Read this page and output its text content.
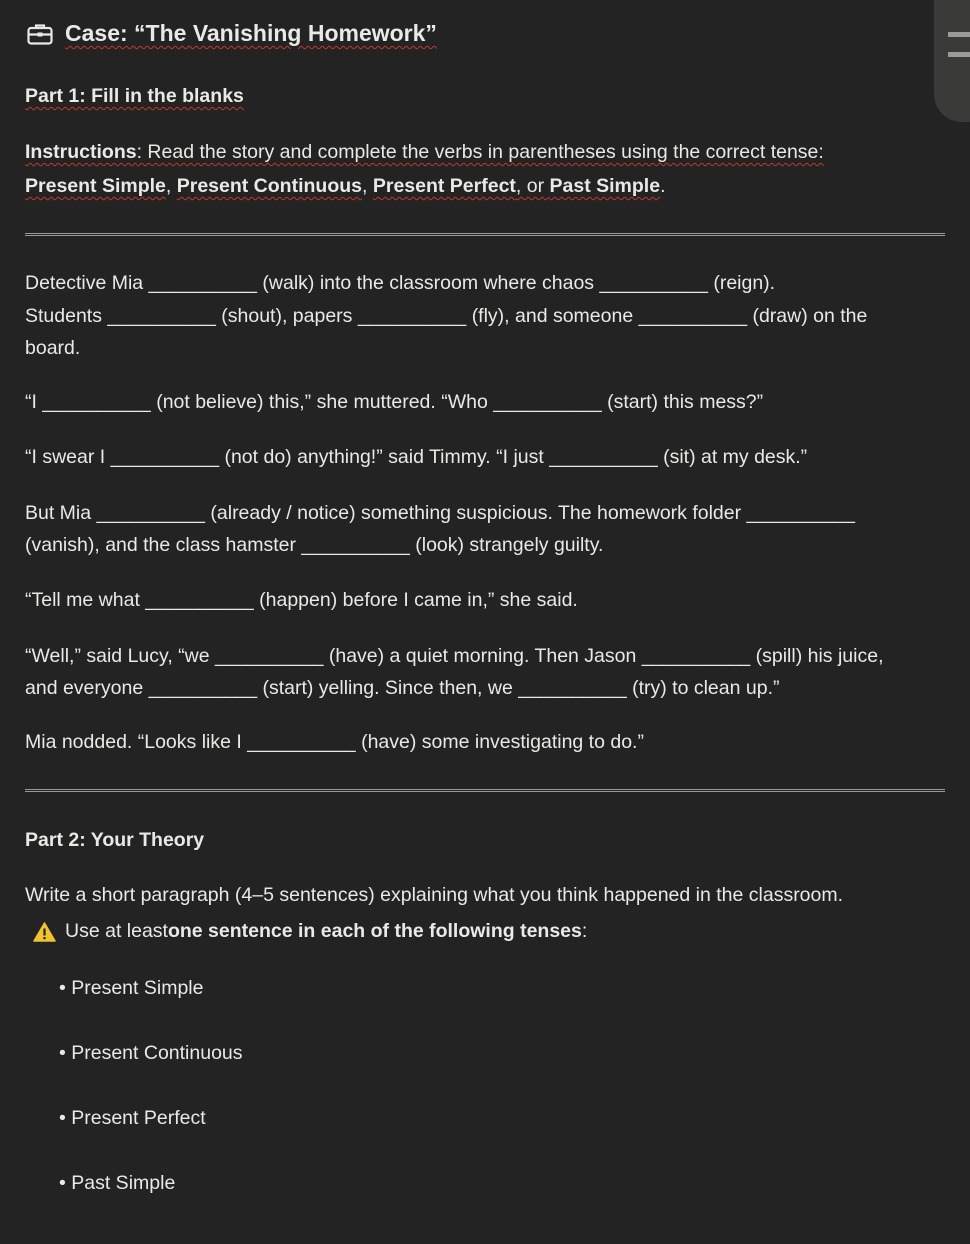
Case: “The Vanishing Homework”
Part 1: Fill in the blanks
Instructions: Read the story and complete the verbs in parentheses using the correct tense:
Present Simple, Present Continuous, Present Perfect, or Past Simple.
Detective Mia __________ (walk) into the classroom where chaos __________ (reign).
Students __________ (shout), papers __________ (fly), and someone __________ (draw) on the
board.
“I __________ (not believe) this,” she muttered. “Who __________ (start) this mess?”
“I swear I __________ (not do) anything!” said Timmy. “I just __________ (sit) at my desk.”
But Mia __________ (already / notice) something suspicious. The homework folder __________
(vanish), and the class hamster __________ (look) strangely guilty.
“Tell me what __________ (happen) before I came in,” she said.
“Well,” said Lucy, “we __________ (have) a quiet morning. Then Jason __________ (spill) his juice,
and everyone __________ (start) yelling. Since then, we __________ (try) to clean up.”
Mia nodded. “Looks like I __________ (have) some investigating to do.”
Part 2: Your Theory
Write a short paragraph (4–5 sentences) explaining what you think happened in the classroom.
Use at least one sentence in each of the following tenses :
• Present Simple
• Present Continuous
• Present Perfect
• Past Simple
